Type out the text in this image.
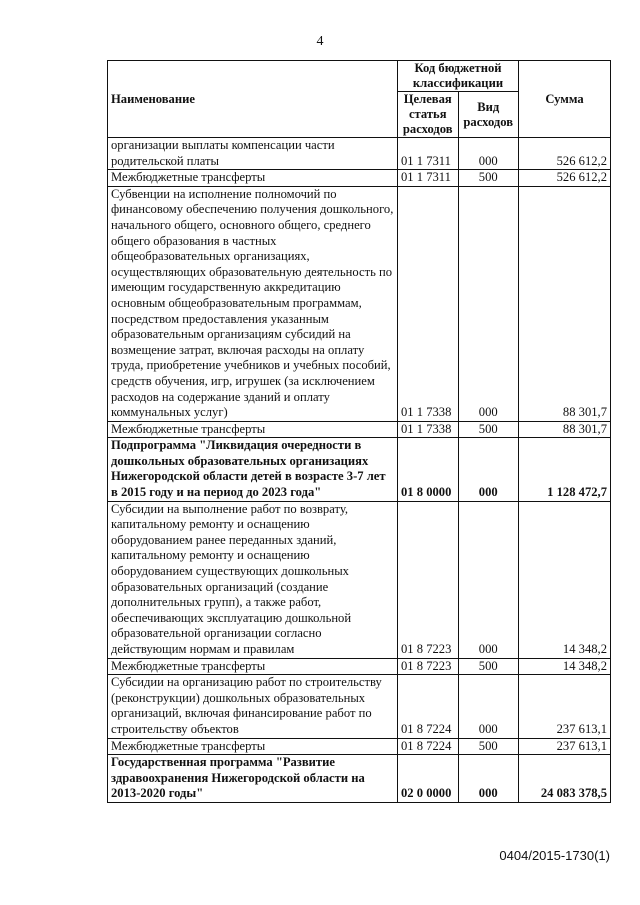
4
Наименование	Код бюджетной классификации		Сумма
	Целевая статья расходов	Вид расходов	
организации выплаты компенсации части родительской платы	01 1 7311	000	526 612,2
Межбюджетные трансферты	01 1 7311	500	526 612,2
Субвенции на исполнение полномочий по финансовому обеспечению получения дошкольного, начального общего, основного общего, среднего общего образования в частных общеобразовательных организациях, осуществляющих образовательную деятельность по имеющим государственную аккредитацию основным общеобразовательным программам, посредством предоставления указанным образовательным организациям субсидий на возмещение затрат, включая расходы на оплату труда, приобретение учебников и учебных пособий, средств обучения, игр, игрушек (за исключением расходов на содержание зданий и оплату коммунальных услуг)	01 1 7338	000	88 301,7
Межбюджетные трансферты	01 1 7338	500	88 301,7
Подпрограмма "Ликвидация очередности в дошкольных образовательных организациях Нижегородской области детей в возрасте 3-7 лет в 2015 году и на период до 2023 года"	01 8 0000	000	1 128 472,7
Субсидии на выполнение работ по возврату, капитальному ремонту и оснащению оборудованием ранее переданных зданий, капитальному ремонту и оснащению оборудованием существующих дошкольных образовательных организаций (создание дополнительных групп), а также работ, обеспечивающих эксплуатацию дошкольной образовательной организации согласно действующим нормам и правилам	01 8 7223	000	14 348,2
Межбюджетные трансферты	01 8 7223	500	14 348,2
Субсидии на организацию работ по строительству (реконструкции) дошкольных образовательных организаций, включая финансирование работ по строительству объектов	01 8 7224	000	237 613,1
Межбюджетные трансферты	01 8 7224	500	237 613,1
Государственная программа "Развитие здравоохранения Нижегородской области на 2013-2020 годы"	02 0 0000	000	24 083 378,5
0404/2015-1730(1)
